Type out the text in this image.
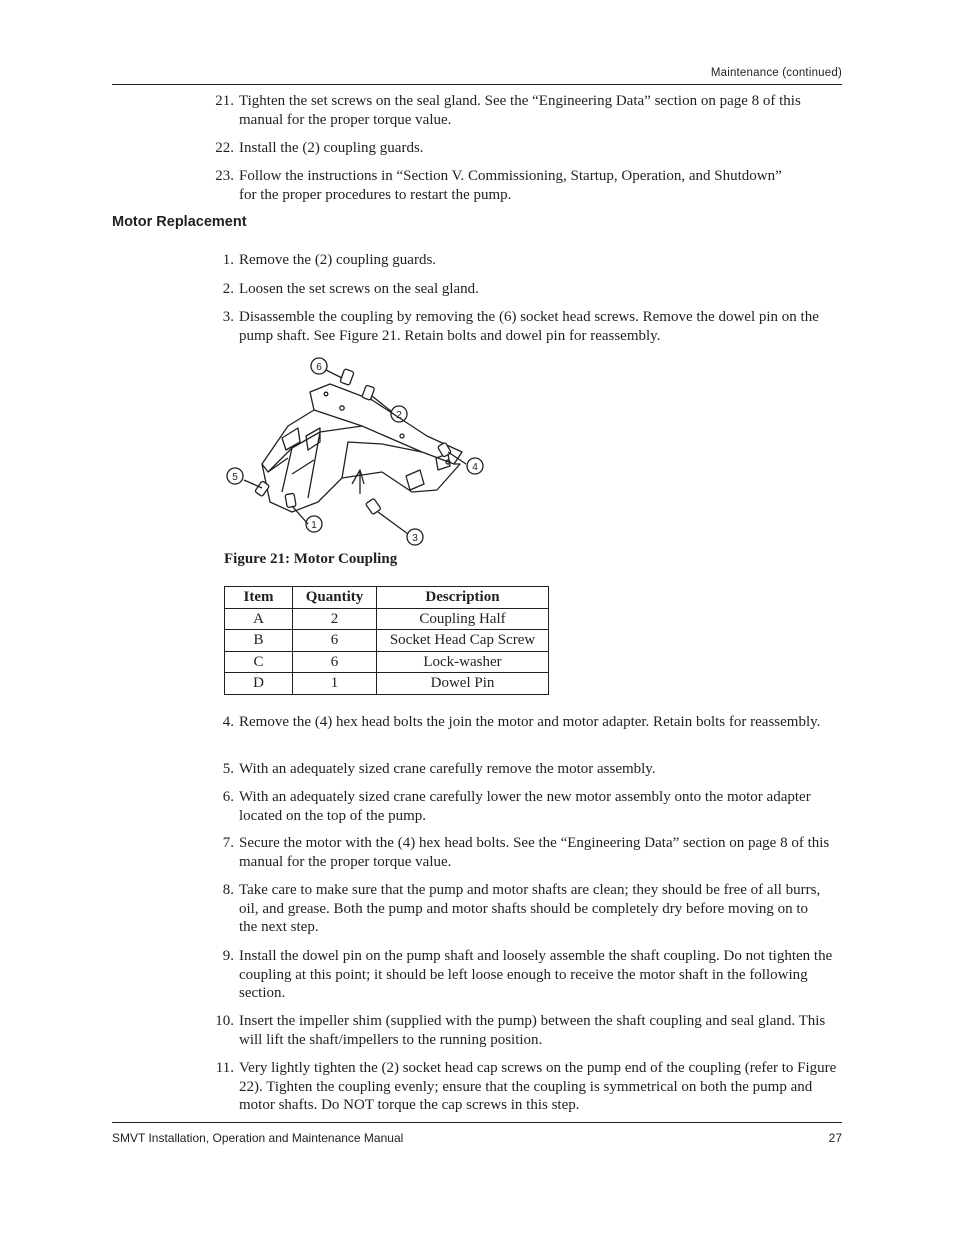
Maintenance (continued)
21. Tighten the set screws on the seal gland. See the “Engineering Data” section on page 8 of this manual for the proper torque value.
22. Install the (2) coupling guards.
23. Follow the instructions in “Section V. Commissioning, Startup, Operation, and Shutdown” for the proper procedures to restart the pump.
Motor Replacement
1. Remove the (2) coupling guards.
2. Loosen the set screws on the seal gland.
3. Disassemble the coupling by removing the (6) socket head screws. Remove the dowel pin on the pump shaft. See Figure 21. Retain bolts and dowel pin for reassembly.
6
2
4
5
1
3
Figure 21: Motor Coupling
Item	Quantity	Description
A	2	Coupling Half
B	6	Socket Head Cap Screw
C	6	Lock-washer
D	1	Dowel Pin
4. Remove the (4) hex head bolts the join the motor and motor adapter. Retain bolts for reassembly.
5. With an adequately sized crane carefully remove the motor assembly.
6. With an adequately sized crane carefully lower the new motor assembly onto the motor adapter located on the top of the pump.
7. Secure the motor with the (4) hex head bolts. See the “Engineering Data” section on page 8 of this manual for the proper torque value.
8. Take care to make sure that the pump and motor shafts are clean; they should be free of all burrs, oil, and grease. Both the pump and motor shafts should be completely dry before moving on to the next step.
9. Install the dowel pin on the pump shaft and loosely assemble the shaft coupling. Do not tighten the coupling at this point; it should be left loose enough to receive the motor shaft in the following section.
10. Insert the impeller shim (supplied with the pump) between the shaft coupling and seal gland. This will lift the shaft/impellers to the running position.
11. Very lightly tighten the (2) socket head cap screws on the pump end of the coupling (refer to Figure 22). Tighten the coupling evenly; ensure that the coupling is symmetrical on both the pump and motor shafts. Do NOT torque the cap screws in this step.
SMVT Installation, Operation and Maintenance Manual	27
